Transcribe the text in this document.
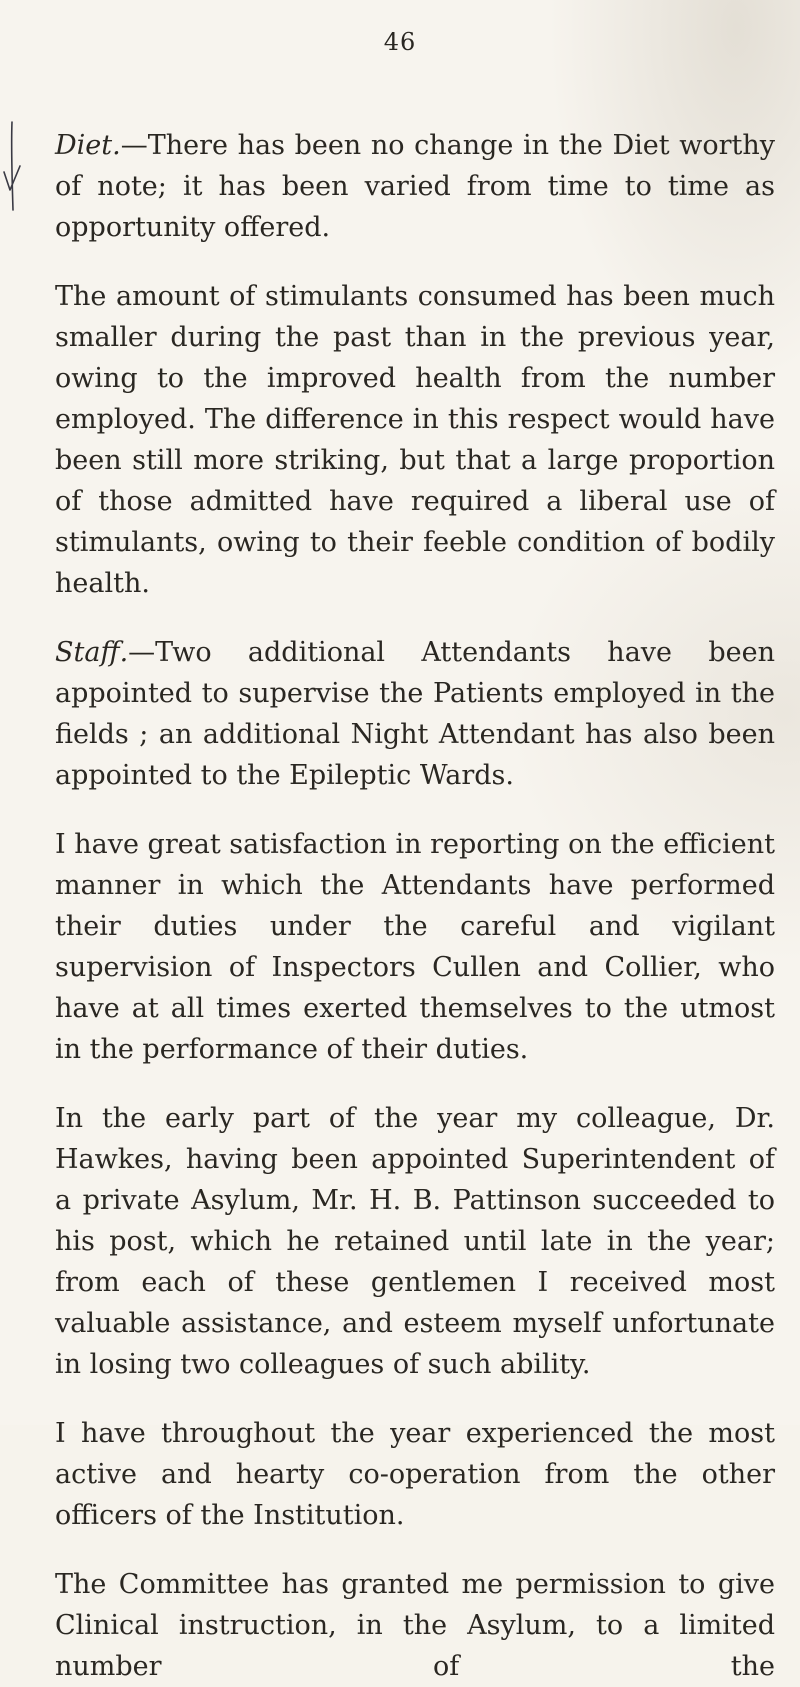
46

Diet.—There has been no change in the Diet worthy of note; it has been varied from time to time as opportunity offered.

The amount of stimulants consumed has been much smaller during the past than in the previous year, owing to the improved health from the number employed. The difference in this respect would have been still more striking, but that a large proportion of those admitted have required a liberal use of stimulants, owing to their feeble condition of bodily health.

Staff.—Two additional Attendants have been appointed to supervise the Patients employed in the fields ; an additional Night Attendant has also been appointed to the Epileptic Wards.

I have great satisfaction in reporting on the efficient manner in which the Attendants have performed their duties under the careful and vigilant supervision of Inspectors Cullen and Collier, who have at all times exerted themselves to the utmost in the performance of their duties.

In the early part of the year my colleague, Dr. Hawkes, having been appointed Superintendent of a private Asylum, Mr. H. B. Pattinson succeeded to his post, which he retained until late in the year; from each of these gentlemen I received most valuable assistance, and esteem myself unfortunate in losing two colleagues of such ability.

I have throughout the year experienced the most active and hearty co-operation from the other officers of the Institution.

The Committee has granted me permission to give Clinical instruction, in the Asylum, to a limited number of the
